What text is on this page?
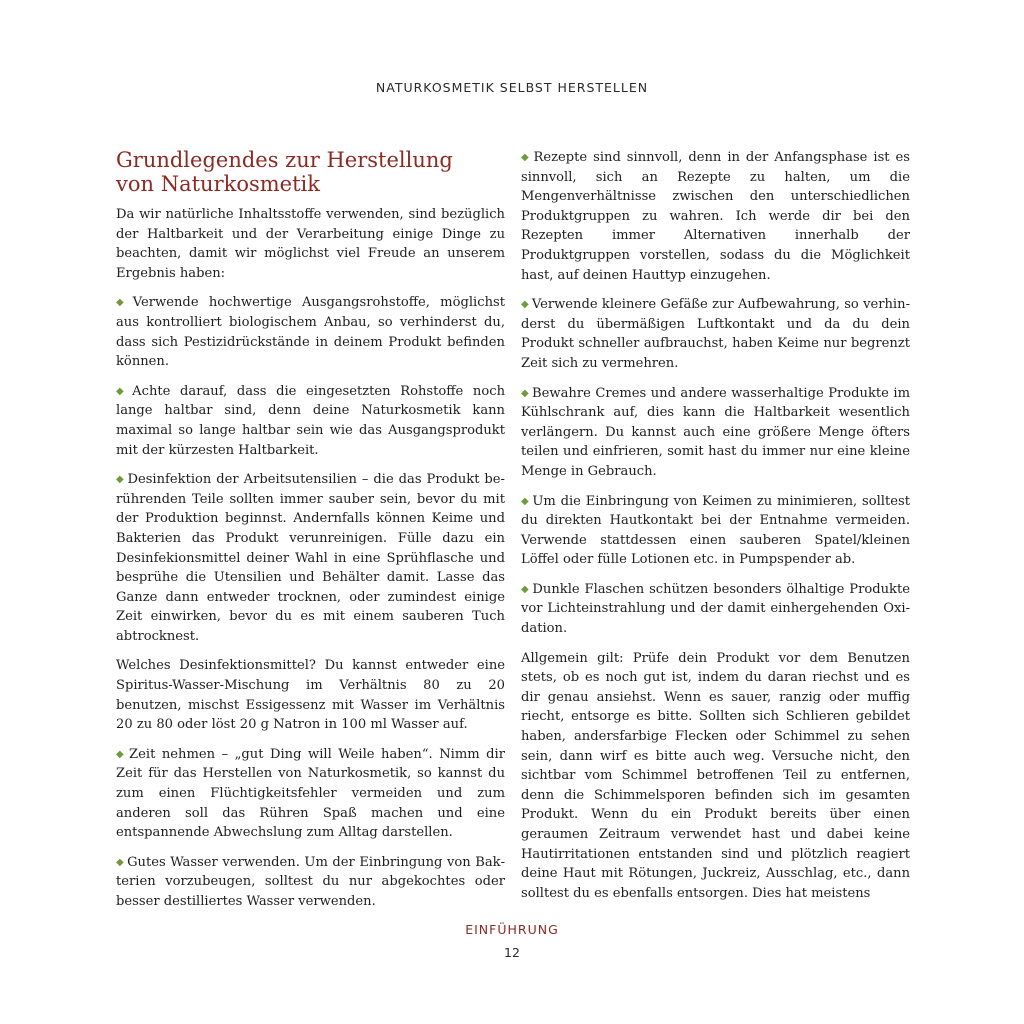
NATURKOSMETIK SELBST HERSTELLEN
Grundlegendes zur Herstellung
von Naturkosmetik

Da wir natürliche Inhaltsstoffe verwenden, sind bezüglich der Haltbarkeit und der Verarbeitung einige Dinge zu beachten, damit wir möglichst viel Freude an unserem Ergebnis haben:

◆ Verwende hochwertige Ausgangsrohstoffe, möglichst aus kontrolliert biologischem Anbau, so verhinderst du, dass sich Pestizidrückstände in deinem Produkt befinden können.

◆ Achte darauf, dass die eingesetzten Rohstoffe noch lange haltbar sind, denn deine Naturkosmetik kann maximal so lange haltbar sein wie das Ausgangsprodukt mit der kürzesten Haltbarkeit.

◆ Desinfektion der Arbeitsutensilien – die das Produkt berührenden Teile sollten immer sauber sein, bevor du mit der Produktion beginnst. Andernfalls können Keime und Bakterien das Produkt verunreinigen. Fülle dazu ein Desinfekionsmittel deiner Wahl in eine Sprühflasche und besprühe die Utensilien und Behälter damit. Lasse das Ganze dann entweder trocknen, oder zumindest einige Zeit einwirken, bevor du es mit einem sauberen Tuch abtrocknest.

Welches Desinfektionsmittel? Du kannst entweder eine Spiritus-Wasser-Mischung im Verhältnis 80 zu 20 benutzen, mischst Essigessenz mit Wasser im Verhältnis 20 zu 80 oder löst 20 g Natron in 100 ml Wasser auf.

◆ Zeit nehmen – „gut Ding will Weile haben“. Nimm dir Zeit für das Herstellen von Naturkosmetik, so kannst du zum einen Flüchtigkeitsfehler vermeiden und zum anderen soll das Rühren Spaß machen und eine entspannende Abwechslung zum Alltag darstellen.

◆ Gutes Wasser verwenden. Um der Einbringung von Bakterien vorzubeugen, solltest du nur abgekochtes oder besser destilliertes Wasser verwenden.

◆ Rezepte sind sinnvoll, denn in der Anfangsphase ist es sinnvoll, sich an Rezepte zu halten, um die Mengenverhältnisse zwischen den unterschiedlichen Produktgruppen zu wahren. Ich werde dir bei den Rezepten immer Alternativen innerhalb der Produktgruppen vorstellen, sodass du die Möglichkeit hast, auf deinen Hauttyp einzugehen.

◆ Verwende kleinere Gefäße zur Aufbewahrung, so verhinderst du übermäßigen Luftkontakt und da du dein Produkt schneller aufbrauchst, haben Keime nur begrenzt Zeit sich zu vermehren.

◆ Bewahre Cremes und andere wasserhaltige Produkte im Kühlschrank auf, dies kann die Haltbarkeit wesentlich verlängern. Du kannst auch eine größere Menge öfters teilen und einfrieren, somit hast du immer nur eine kleine Menge in Gebrauch.

◆ Um die Einbringung von Keimen zu minimieren, solltest du direkten Hautkontakt bei der Entnahme vermeiden. Verwende stattdessen einen sauberen Spatel/kleinen Löffel oder fülle Lotionen etc. in Pumpspender ab.

◆ Dunkle Flaschen schützen besonders ölhaltige Produkte vor Lichteinstrahlung und der damit einhergehenden Oxidation.

Allgemein gilt: Prüfe dein Produkt vor dem Benutzen stets, ob es noch gut ist, indem du daran riechst und es dir genau ansiehst. Wenn es sauer, ranzig oder muffig riecht, entsorge es bitte. Sollten sich Schlieren gebildet haben, andersfarbige Flecken oder Schimmel zu sehen sein, dann wirf es bitte auch weg. Versuche nicht, den sichtbar vom Schimmel betroffenen Teil zu entfernen, denn die Schimmelsporen befinden sich im gesamten Produkt. Wenn du ein Produkt bereits über einen geraumen Zeitraum verwendet hast und dabei keine Hautirritationen entstanden sind und plötzlich reagiert deine Haut mit Rötungen, Juckreiz, Ausschlag, etc., dann solltest du es ebenfalls entsorgen. Dies hat meistens

EINFÜHRUNG
12
